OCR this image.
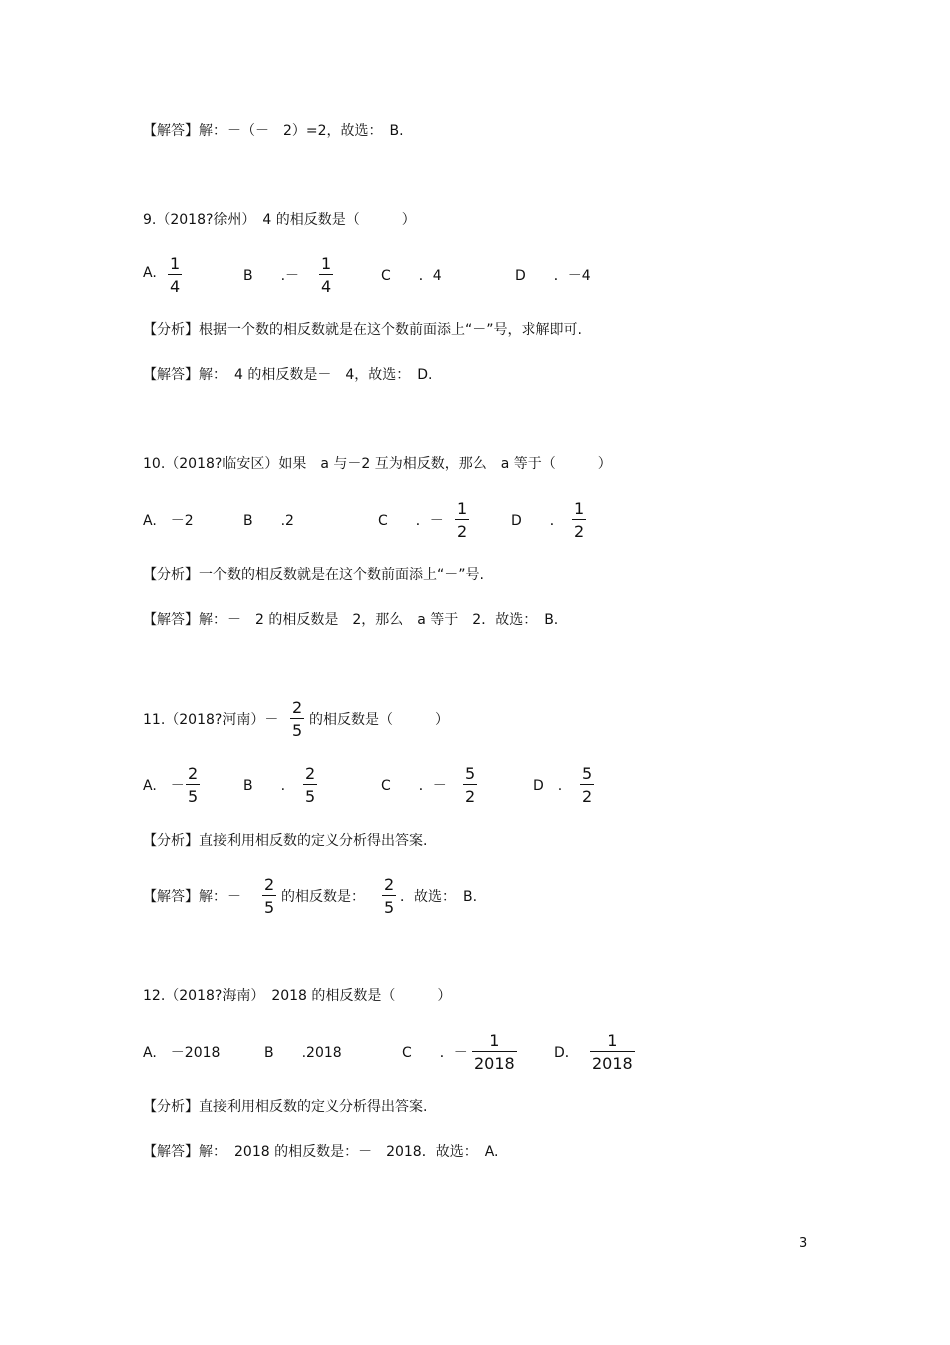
【解答】解：－（－　2）=2，故选：　B.
9.（2018?徐州）　4 的相反数是（　　　）
A. $\frac{1}{4}$	B　　.－ $\frac{1}{4}$	C　　．4	D　　．－4
【分析】根据一个数的相反数就是在这个数前面添上“－”号，求解即可.
【解答】解：　4 的相反数是－　4，故选：　D.
10.（2018?临安区）如果　a 与－2 互为相反数，那么　a 等于（　　　）
A.　－2	B　　.2	C　　．－ $\frac{1}{2}$	D　　． $\frac{1}{2}$
【分析】一个数的相反数就是在这个数前面添上“－”号.
【解答】解：－　2 的相反数是　2，那么　a 等于　2．故选：　B.
11.（2018?河南）－ $\frac{2}{5}$ 的相反数是（　　　）
A.　－ $\frac{2}{5}$	B　　. $\frac{2}{5}$	C　　．－ $\frac{5}{2}$	D　. $\frac{5}{2}$
【分析】直接利用相反数的定义分析得出答案.
【解答】解：－ $\frac{2}{5}$ 的相反数是： $\frac{2}{5}$ ．故选：　B.
12.（2018?海南）　2018 的相反数是（　　　）
A.　－2018	B　　.2018	C　　．－ $\frac{1}{2018}$	D． $\frac{1}{2018}$
【分析】直接利用相反数的定义分析得出答案.
【解答】解：　2018 的相反数是：－　2018．故选：　A.
3
